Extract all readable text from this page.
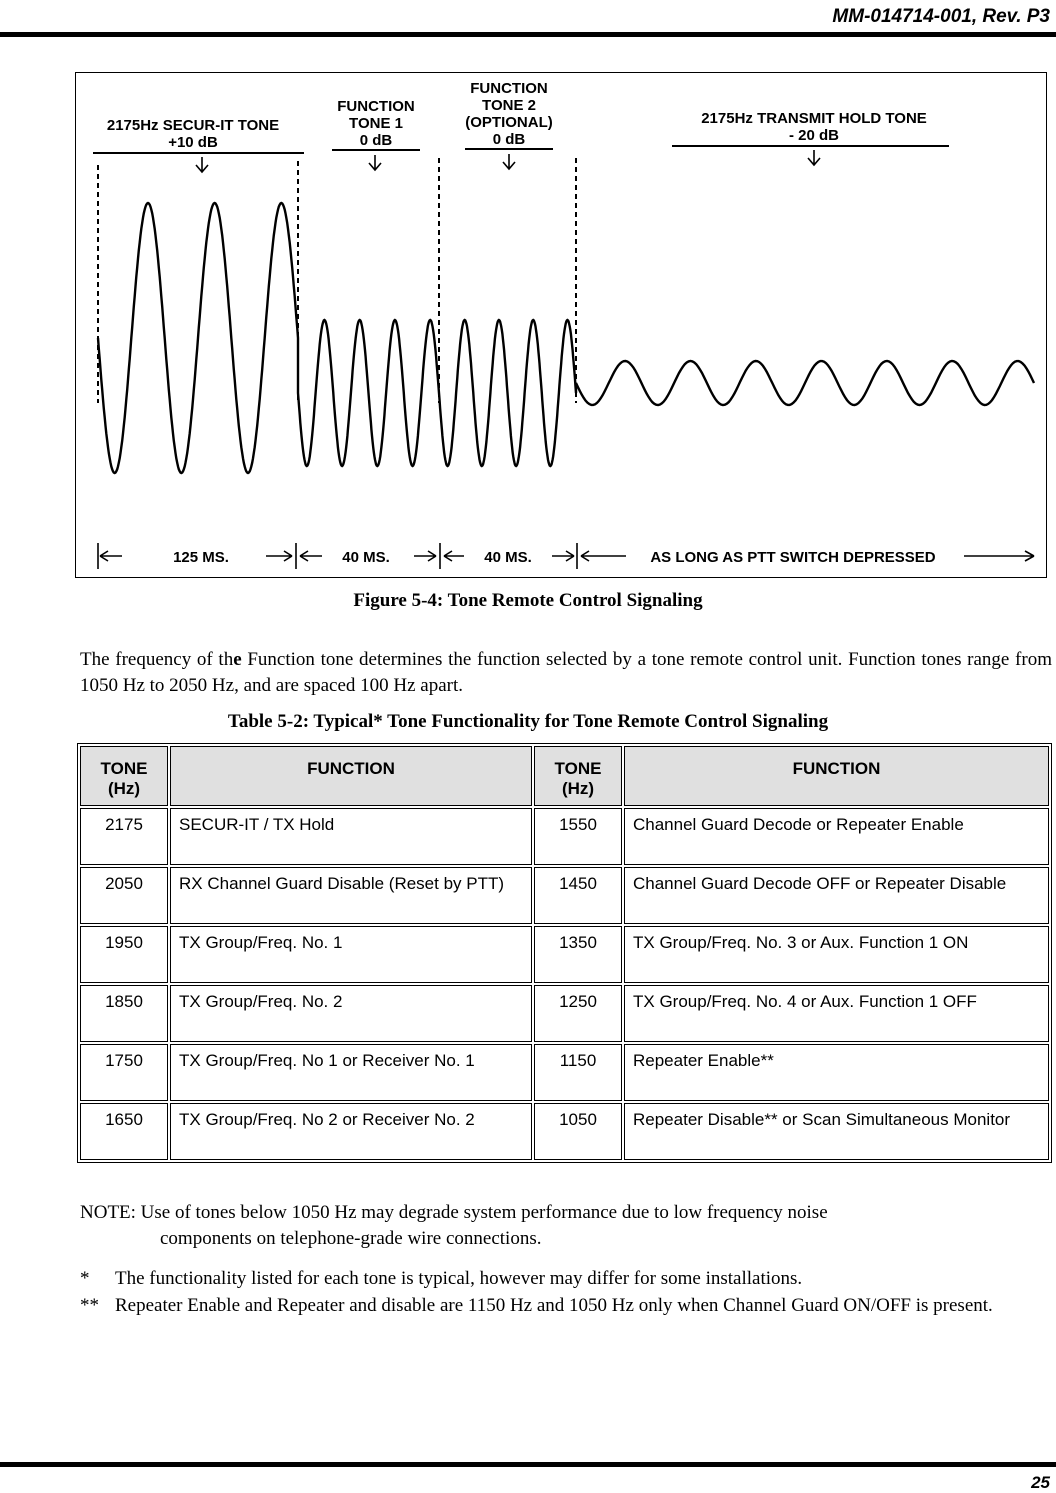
MM-014714-001, Rev. P3
2175Hz SECUR-IT TONE
+10 dB
FUNCTION
TONE 1
0 dB
FUNCTION
TONE 2
(OPTIONAL)
0 dB
2175Hz TRANSMIT HOLD TONE
- 20 dB
125 MS.	40 MS.	40 MS.	AS LONG AS PTT SWITCH DEPRESSED
Figure 5-4: Tone Remote Control Signaling
The frequency of the Function tone determines the function selected by a tone remote control unit. Function tones range from 1050 Hz to 2050 Hz, and are spaced 100 Hz apart.
Table 5-2: Typical* Tone Functionality for Tone Remote Control Signaling
TONE
(Hz)	FUNCTION	TONE
(Hz)	FUNCTION
2175	SECUR-IT / TX Hold	1550	Channel Guard Decode or Repeater Enable
2050	RX Channel Guard Disable (Reset by PTT)	1450	Channel Guard Decode OFF or Repeater Disable
1950	TX Group/Freq. No. 1	1350	TX Group/Freq. No. 3 or Aux. Function 1 ON
1850	TX Group/Freq. No. 2	1250	TX Group/Freq. No. 4 or Aux. Function 1 OFF
1750	TX Group/Freq. No 1 or Receiver No. 1	1150	Repeater Enable**
1650	TX Group/Freq. No 2 or Receiver No. 2	1050	Repeater Disable** or Scan Simultaneous Monitor
NOTE: Use of tones below 1050 Hz may degrade system performance due to low frequency noise
components on telephone-grade wire connections.
*	The functionality listed for each tone is typical, however may differ for some installations.
** Repeater Enable and Repeater and disable are 1150 Hz and 1050 Hz only when Channel Guard ON/OFF is present.
25
